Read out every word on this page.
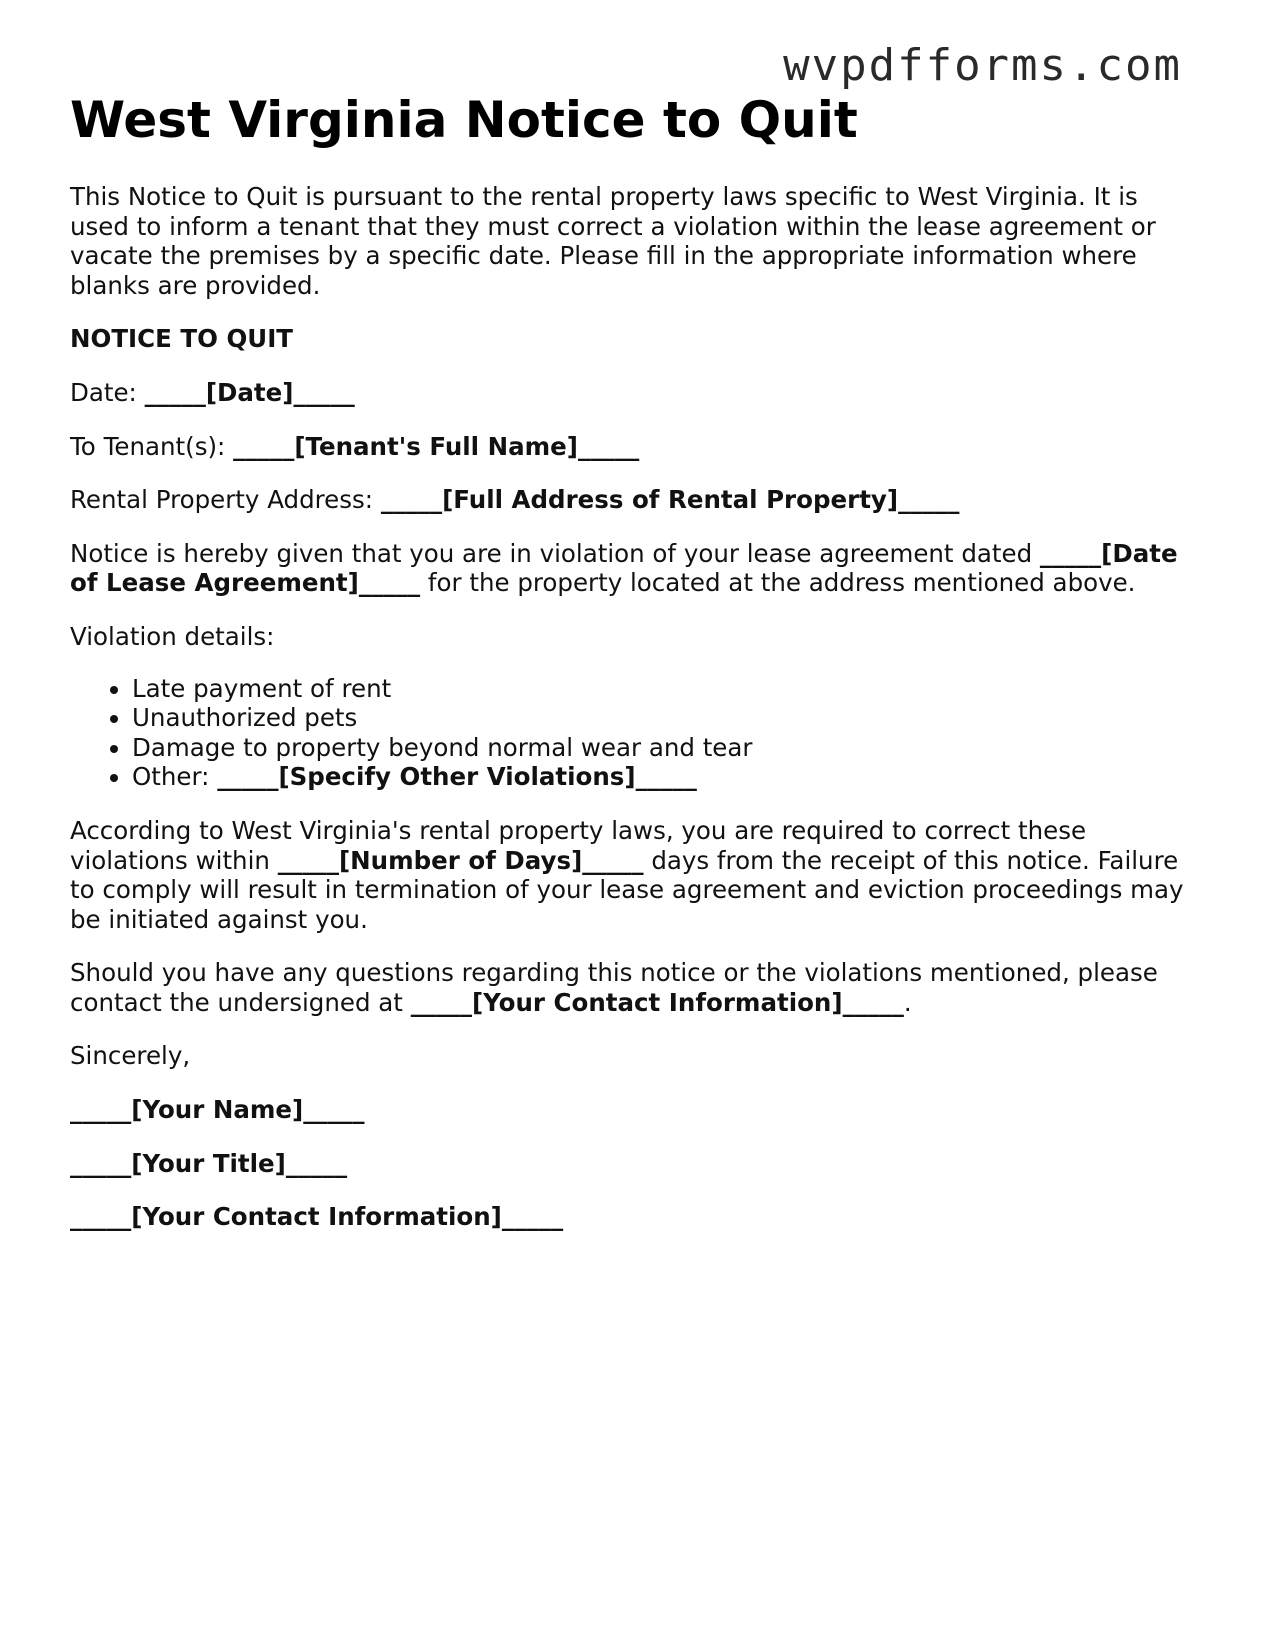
wvpdfforms.com
West Virginia Notice to Quit

This Notice to Quit is pursuant to the rental property laws specific to West Virginia. It is used to inform a tenant that they must correct a violation within the lease agreement or vacate the premises by a specific date. Please fill in the appropriate information where blanks are provided.

NOTICE TO QUIT

Date: _____[Date]_____

To Tenant(s): _____[Tenant's Full Name]_____

Rental Property Address: _____[Full Address of Rental Property]_____

Notice is hereby given that you are in violation of your lease agreement dated _____[Date of Lease Agreement]_____ for the property located at the address mentioned above.

Violation details:

• Late payment of rent
• Unauthorized pets
• Damage to property beyond normal wear and tear
• Other: _____[Specify Other Violations]_____

According to West Virginia's rental property laws, you are required to correct these violations within _____[Number of Days]_____ days from the receipt of this notice. Failure to comply will result in termination of your lease agreement and eviction proceedings may be initiated against you.

Should you have any questions regarding this notice or the violations mentioned, please contact the undersigned at _____[Your Contact Information]_____.

Sincerely,

_____[Your Name]_____

_____[Your Title]_____

_____[Your Contact Information]_____
